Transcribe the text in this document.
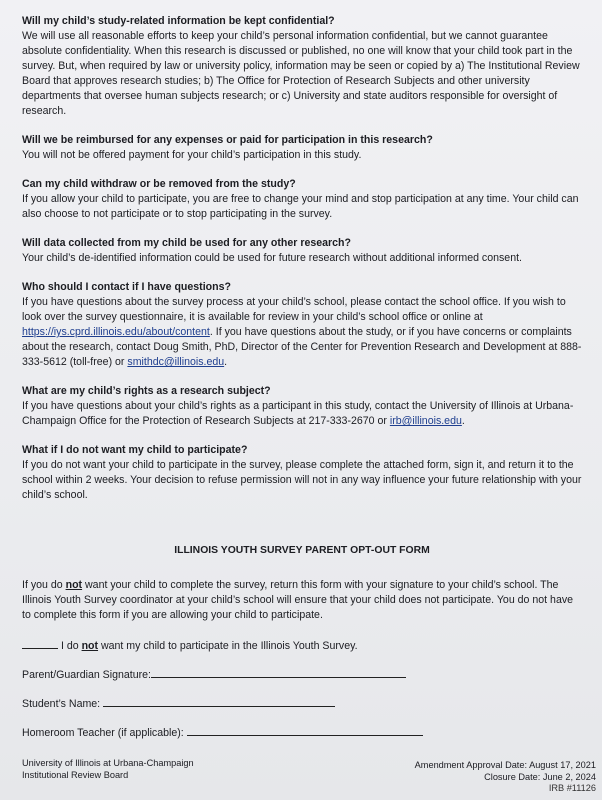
Will my child’s study-related information be kept confidential?
We will use all reasonable efforts to keep your child’s personal information confidential, but we cannot guarantee absolute confidentiality. When this research is discussed or published, no one will know that your child took part in the survey. But, when required by law or university policy, information may be seen or copied by a) The Institutional Review Board that approves research studies; b) The Office for Protection of Research Subjects and other university departments that oversee human subjects research; or c) University and state auditors responsible for oversight of research.
Will we be reimbursed for any expenses or paid for participation in this research?
You will not be offered payment for your child’s participation in this study.
Can my child withdraw or be removed from the study?
If you allow your child to participate, you are free to change your mind and stop participation at any time. Your child can also choose to not participate or to stop participating in the survey.
Will data collected from my child be used for any other research?
Your child’s de-identified information could be used for future research without additional informed consent.
Who should I contact if I have questions?
If you have questions about the survey process at your child’s school, please contact the school office. If you wish to look over the survey questionnaire, it is available for review in your child’s school office or online at https://iys.cprd.illinois.edu/about/content. If you have questions about the study, or if you have concerns or complaints about the research, contact Doug Smith, PhD, Director of the Center for Prevention Research and Development at 888-333-5612 (toll-free) or smithdc@illinois.edu.
What are my child’s rights as a research subject?
If you have questions about your child’s rights as a participant in this study, contact the University of Illinois at Urbana-Champaign Office for the Protection of Research Subjects at 217-333-2670 or irb@illinois.edu.
What if I do not want my child to participate?
If you do not want your child to participate in the survey, please complete the attached form, sign it, and return it to the school within 2 weeks. Your decision to refuse permission will not in any way influence your future relationship with your child’s school.
ILLINOIS YOUTH SURVEY PARENT OPT-OUT FORM
If you do not want your child to complete the survey, return this form with your signature to your child’s school. The Illinois Youth Survey coordinator at your child’s school will ensure that your child does not participate. You do not have to complete this form if you are allowing your child to participate.
I do not want my child to participate in the Illinois Youth Survey.
Parent/Guardian Signature:
Student’s Name:
Homeroom Teacher (if applicable):
University of Illinois at Urbana-Champaign
Institutional Review Board
Amendment Approval Date: August 17, 2021
Closure Date: June 2, 2024
IRB #11126
